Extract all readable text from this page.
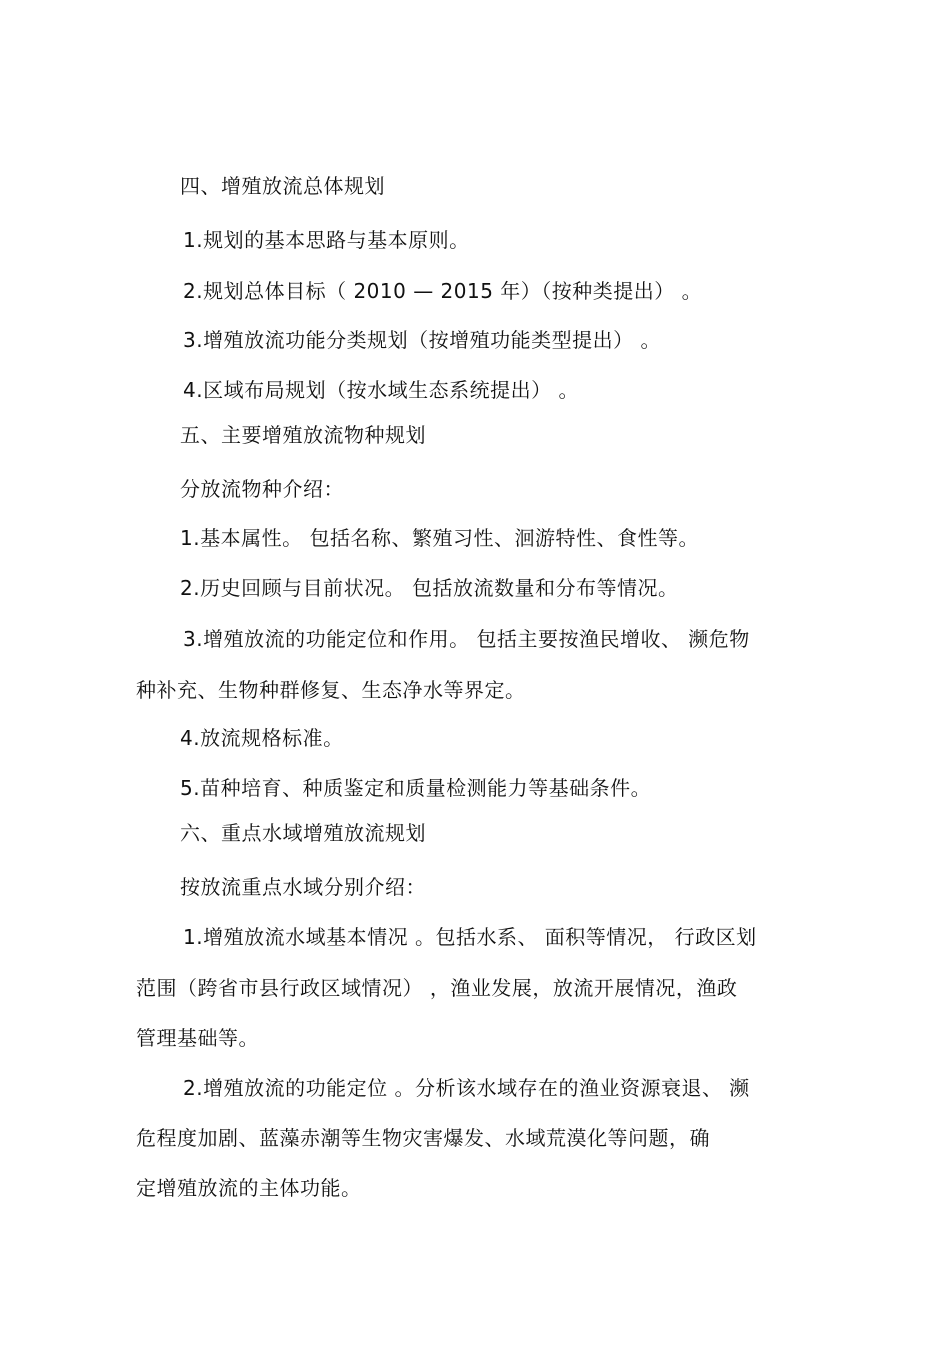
四、增殖放流总体规划
1.规划的基本思路与基本原则。
2.规划总体目标（ 2010 — 2015 年）（按种类提出） 。
3.增殖放流功能分类规划（按增殖功能类型提出） 。
4.区域布局规划（按水域生态系统提出） 。
五、主要增殖放流物种规划
分放流物种介绍：
1.基本属性。 包括名称、繁殖习性、洄游特性、食性等。
2.历史回顾与目前状况。 包括放流数量和分布等情况。
3.增殖放流的功能定位和作用。 包括主要按渔民增收、 濒危物
种补充、生物种群修复、生态净水等界定。
4.放流规格标准。
5.苗种培育、种质鉴定和质量检测能力等基础条件。
六、重点水域增殖放流规划
按放流重点水域分别介绍：
1.增殖放流水域基本情况 。包括水系、 面积等情况， 行政区划
范围（跨省市县行政区域情况） ，渔业发展，放流开展情况，渔政
管理基础等。
2.增殖放流的功能定位 。分析该水域存在的渔业资源衰退、 濒
危程度加剧、蓝藻赤潮等生物灾害爆发、水域荒漠化等问题，确
定增殖放流的主体功能。
